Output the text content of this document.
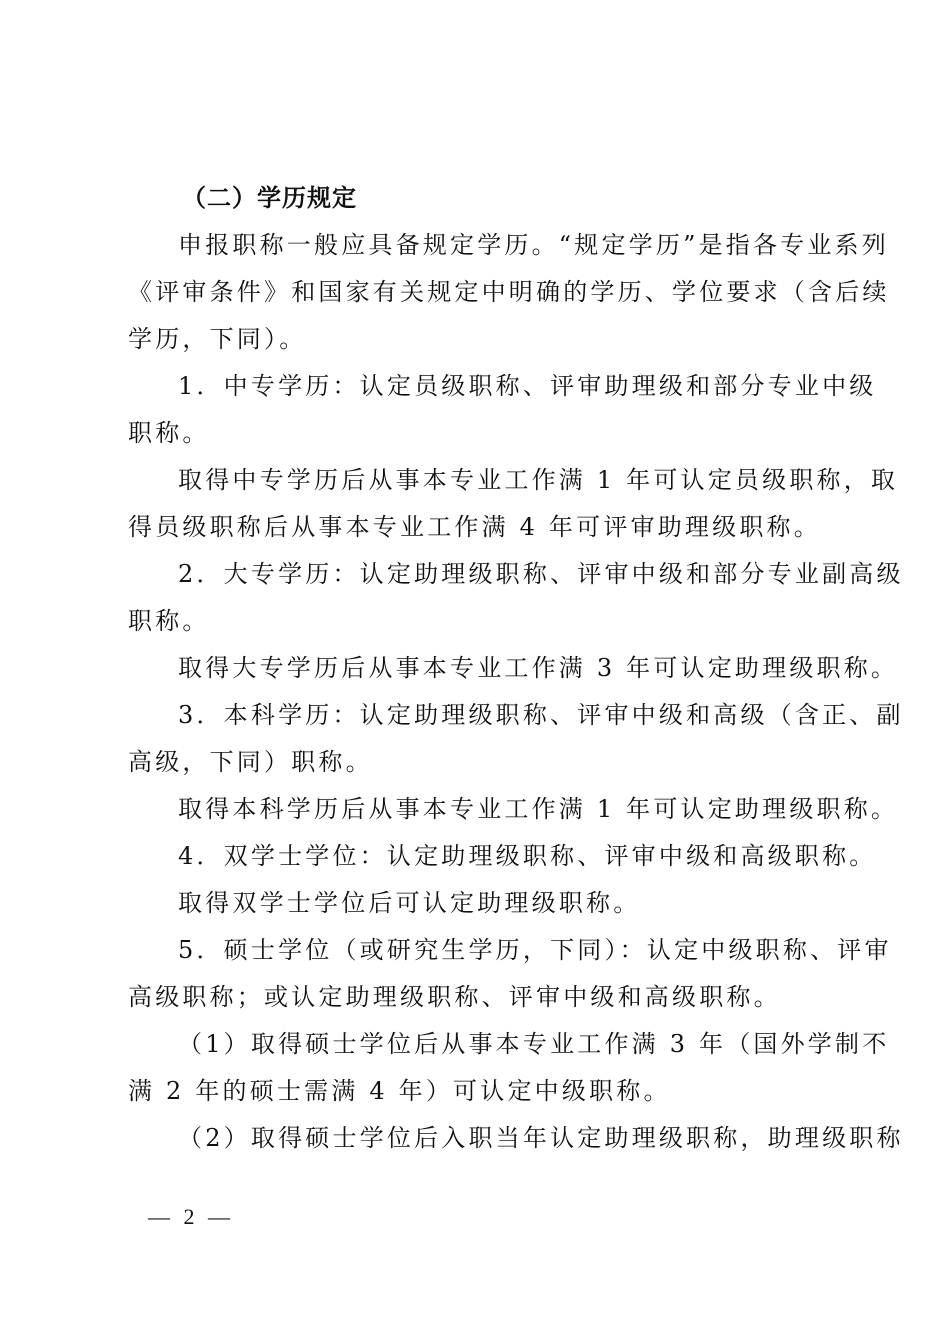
（二）学历规定
申报职称一般应具备规定学历。“规定学历”是指各专业系列
《评审条件》和国家有关规定中明确的学历、学位要求（含后续
学历，下同）。
1．中专学历：认定员级职称、评审助理级和部分专业中级
职称。
取得中专学历后从事本专业工作满 1 年可认定员级职称，取
得员级职称后从事本专业工作满 4 年可评审助理级职称。
2．大专学历：认定助理级职称、评审中级和部分专业副高级
职称。
取得大专学历后从事本专业工作满 3 年可认定助理级职称。
3．本科学历：认定助理级职称、评审中级和高级（含正、副
高级，下同）职称。
取得本科学历后从事本专业工作满 1 年可认定助理级职称。
4．双学士学位：认定助理级职称、评审中级和高级职称。
取得双学士学位后可认定助理级职称。
5．硕士学位（或研究生学历，下同）：认定中级职称、评审
高级职称；或认定助理级职称、评审中级和高级职称。
（1）取得硕士学位后从事本专业工作满 3 年（国外学制不
满 2 年的硕士需满 4 年）可认定中级职称。
（2）取得硕士学位后入职当年认定助理级职称，助理级职称
— 2 —
